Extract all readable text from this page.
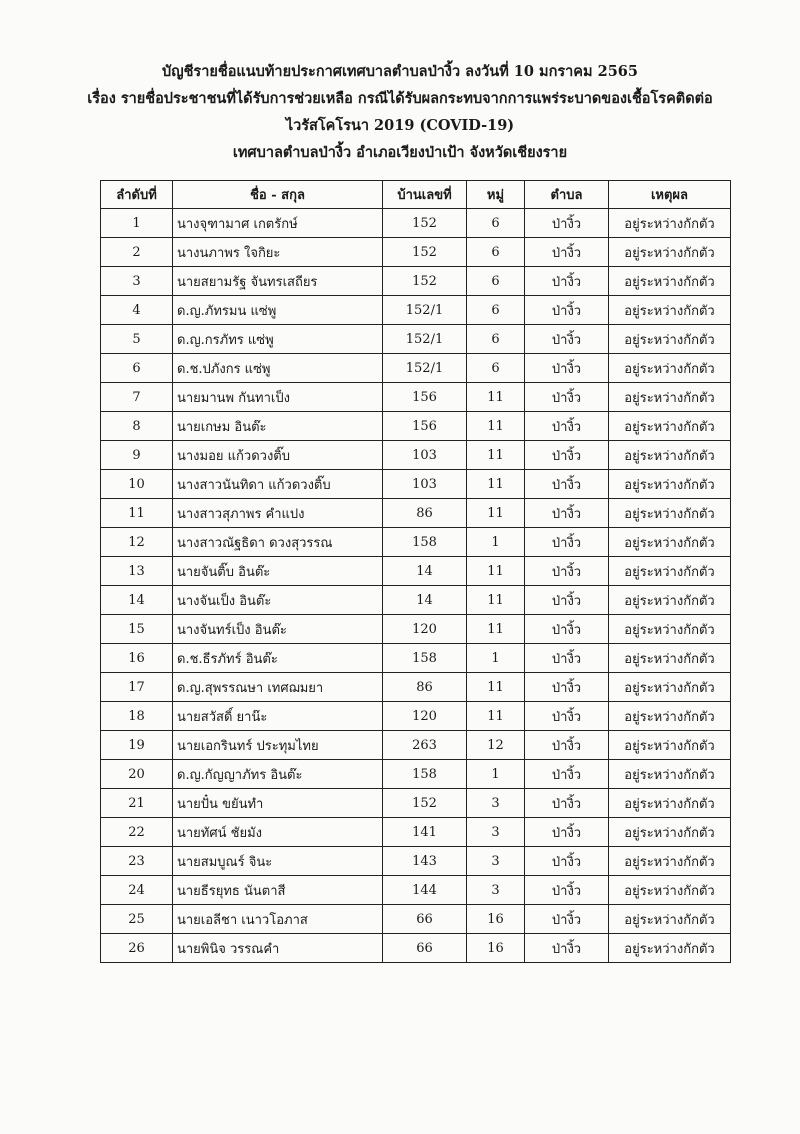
บัญชีรายชื่อแนบท้ายประกาศเทศบาลตำบลป่างิ้ว ลงวันที่ 10 มกราคม 2565
เรื่อง รายชื่อประชาชนที่ได้รับการช่วยเหลือ กรณีได้รับผลกระทบจากการแพร่ระบาดของเชื้อโรคติดต่อ
ไวรัสโคโรนา 2019 (COVID-19)
เทศบาลตำบลป่างิ้ว อำเภอเวียงป่าเป้า จังหวัดเชียงราย
ลำดับที่	ชื่อ - สกุล	บ้านเลขที่	หมู่	ตำบล	เหตุผล
1	นางจุฑามาศ เกตรักษ์	152	6	ป่างิ้ว	อยู่ระหว่างกักตัว
2	นางนภาพร ใจกิยะ	152	6	ป่างิ้ว	อยู่ระหว่างกักตัว
3	นายสยามรัฐ จันทรเสถียร	152	6	ป่างิ้ว	อยู่ระหว่างกักตัว
4	ด.ญ.ภัทรมน แซ่พู	152/1	6	ป่างิ้ว	อยู่ระหว่างกักตัว
5	ด.ญ.กรภัทร แซ่พู	152/1	6	ป่างิ้ว	อยู่ระหว่างกักตัว
6	ด.ช.ปภังกร แซ่พู	152/1	6	ป่างิ้ว	อยู่ระหว่างกักตัว
7	นายมานพ กันทาเป็ง	156	11	ป่างิ้ว	อยู่ระหว่างกักตัว
8	นายเกษม อินต๊ะ	156	11	ป่างิ้ว	อยู่ระหว่างกักตัว
9	นางมอย แก้วดวงติ๊บ	103	11	ป่างิ้ว	อยู่ระหว่างกักตัว
10	นางสาวนันทิดา แก้วดวงติ๊บ	103	11	ป่างิ้ว	อยู่ระหว่างกักตัว
11	นางสาวสุภาพร คำแปง	86	11	ป่างิ้ว	อยู่ระหว่างกักตัว
12	นางสาวณัฐธิดา ดวงสุวรรณ	158	1	ป่างิ้ว	อยู่ระหว่างกักตัว
13	นายจันติ๊บ อินต๊ะ	14	11	ป่างิ้ว	อยู่ระหว่างกักตัว
14	นางจันเป็ง อินต๊ะ	14	11	ป่างิ้ว	อยู่ระหว่างกักตัว
15	นางจันทร์เป็ง อินต๊ะ	120	11	ป่างิ้ว	อยู่ระหว่างกักตัว
16	ด.ช.ธีรภัทร์ อินต๊ะ	158	1	ป่างิ้ว	อยู่ระหว่างกักตัว
17	ด.ญ.สุพรรณษา เทศฌมยา	86	11	ป่างิ้ว	อยู่ระหว่างกักตัว
18	นายสวัสดิ์ ยาน๊ะ	120	11	ป่างิ้ว	อยู่ระหว่างกักตัว
19	นายเอกรินทร์ ประทุมไทย	263	12	ป่างิ้ว	อยู่ระหว่างกักตัว
20	ด.ญ.กัญญาภัทร อินต๊ะ	158	1	ป่างิ้ว	อยู่ระหว่างกักตัว
21	นายปั๋น ขยันทำ	152	3	ป่างิ้ว	อยู่ระหว่างกักตัว
22	นายทัศน์ ชัยมัง	141	3	ป่างิ้ว	อยู่ระหว่างกักตัว
23	นายสมบูณร์ จินะ	143	3	ป่างิ้ว	อยู่ระหว่างกักตัว
24	นายธีรยุทธ นันตาสี	144	3	ป่างิ้ว	อยู่ระหว่างกักตัว
25	นายเอลีชา เนาวโอภาส	66	16	ป่างิ้ว	อยู่ระหว่างกักตัว
26	นายพินิจ วรรณคำ	66	16	ป่างิ้ว	อยู่ระหว่างกักตัว
